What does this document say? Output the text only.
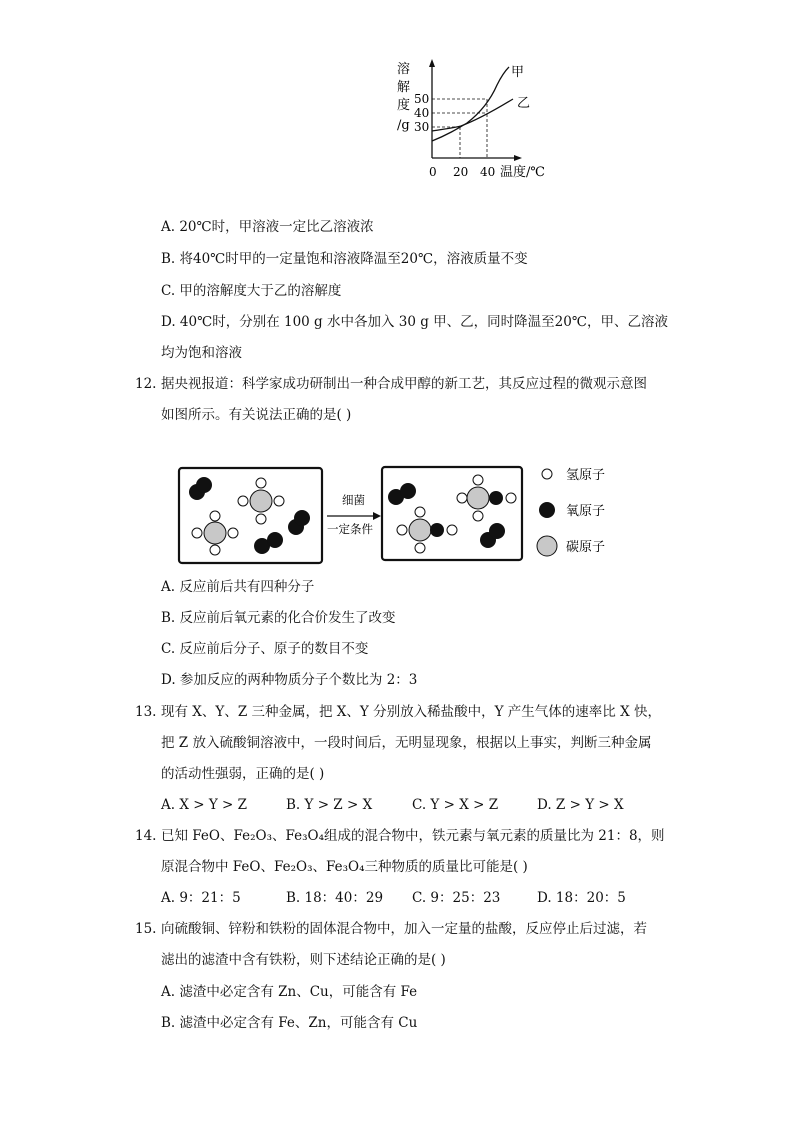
溶
解
度
/g
50
40
30
0 20 40 温度/℃
甲
乙
A. 20℃时，甲溶液一定比乙溶液浓
B. 将40℃时甲的一定量饱和溶液降温至20℃，溶液质量不变
C. 甲的溶解度大于乙的溶解度
D. 40℃时，分别在 100 g 水中各加入 30 g 甲、乙，同时降温至20℃，甲、乙溶液
均为饱和溶液
12. 据央视报道：科学家成功研制出一种合成甲醇的新工艺，其反应过程的微观示意图
如图所示。有关说法正确的是( )
细菌
一定条件
氢原子
氧原子
碳原子
A. 反应前后共有四种分子
B. 反应前后氧元素的化合价发生了改变
C. 反应前后分子、原子的数目不变
D. 参加反应的两种物质分子个数比为 2：3
13. 现有 X、Y、Z 三种金属，把 X、Y 分别放入稀盐酸中，Y 产生气体的速率比 X 快，
把 Z 放入硫酸铜溶液中，一段时间后，无明显现象，根据以上事实，判断三种金属
的活动性强弱，正确的是( )
A. X > Y > Z	B. Y > Z > X	C. Y > X > Z	D. Z > Y > X
14. 已知 FeO、Fe₂O₃、Fe₃O₄组成的混合物中，铁元素与氧元素的质量比为 21：8，则
原混合物中 FeO、Fe₂O₃、Fe₃O₄三种物质的质量比可能是( )
A. 9：21：5	B. 18：40：29 C. 9：25：23	D. 18：20：5
15. 向硫酸铜、锌粉和铁粉的固体混合物中，加入一定量的盐酸，反应停止后过滤，若
滤出的滤渣中含有铁粉，则下述结论正确的是( )
A. 滤渣中必定含有 Zn、Cu，可能含有 Fe
B. 滤渣中必定含有 Fe、Zn，可能含有 Cu
